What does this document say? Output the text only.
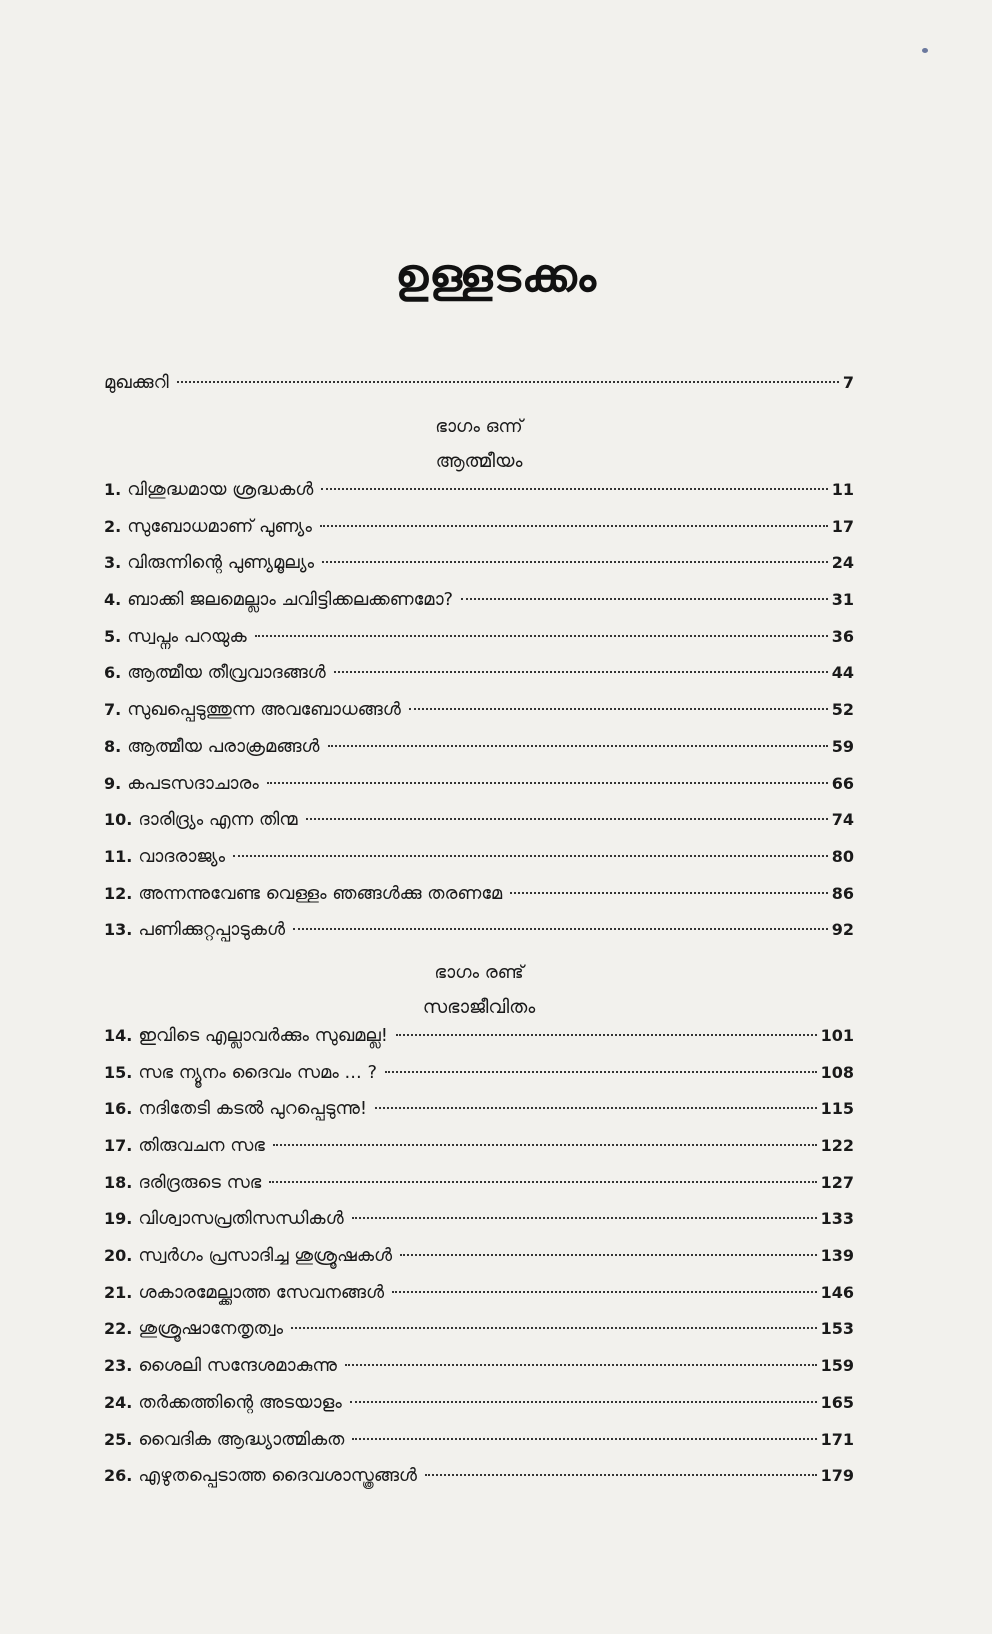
ഉള്ളടക്കം
മുഖക്കുറി	7
ഭാഗം ഒന്ന്
ആത്മീയം
1. വിശുദ്ധമായ ശ്രദ്ധകൾ	11
2. സുബോധമാണ് പുണ്യം	17
3. വിരുന്നിന്റെ പുണ്യമൂല്യം	24
4. ബാക്കി ജലമെല്ലാം ചവിട്ടിക്കലക്കണമോ?	31
5. സ്വപ്നം പറയുക	36
6. ആത്മീയ തീവ്രവാദങ്ങൾ	44
7. സുഖപ്പെടുത്തുന്ന അവബോധങ്ങൾ	52
8. ആത്മീയ പരാക്രമങ്ങൾ	59
9. കപടസദാചാരം	66
10. ദാരിദ്ര്യം എന്ന തിന്മ	74
11. വാദരാജ്യം	80
12. അന്നന്നുവേണ്ട വെള്ളം ഞങ്ങൾക്കു തരണമേ	86
13. പണിക്കുറ്റപ്പാടുകൾ	92
ഭാഗം രണ്ട്
സഭാജീവിതം
14. ഇവിടെ എല്ലാവർക്കും സുഖമല്ല!	101
15. സഭ ന്യൂനം ദൈവം സമം ... ?	108
16. നദിതേടി കടൽ പുറപ്പെടുന്നു!	115
17. തിരുവചന സഭ	122
18. ദരിദ്രരുടെ സഭ	127
19. വിശ്വാസപ്രതിസന്ധികൾ	133
20. സ്വർഗം പ്രസാദിച്ച ശുശ്രൂഷകൾ	139
21. ശകാരമേല്ക്കാത്ത സേവനങ്ങൾ	146
22. ശുശ്രൂഷാനേതൃത്വം	153
23. ശൈലി സന്ദേശമാകുന്നു	159
24. തർക്കത്തിന്റെ അടയാളം	165
25. വൈദിക ആദ്ധ്യാത്മികത	171
26. എഴുതപ്പെടാത്ത ദൈവശാസ്ത്രങ്ങൾ	179
